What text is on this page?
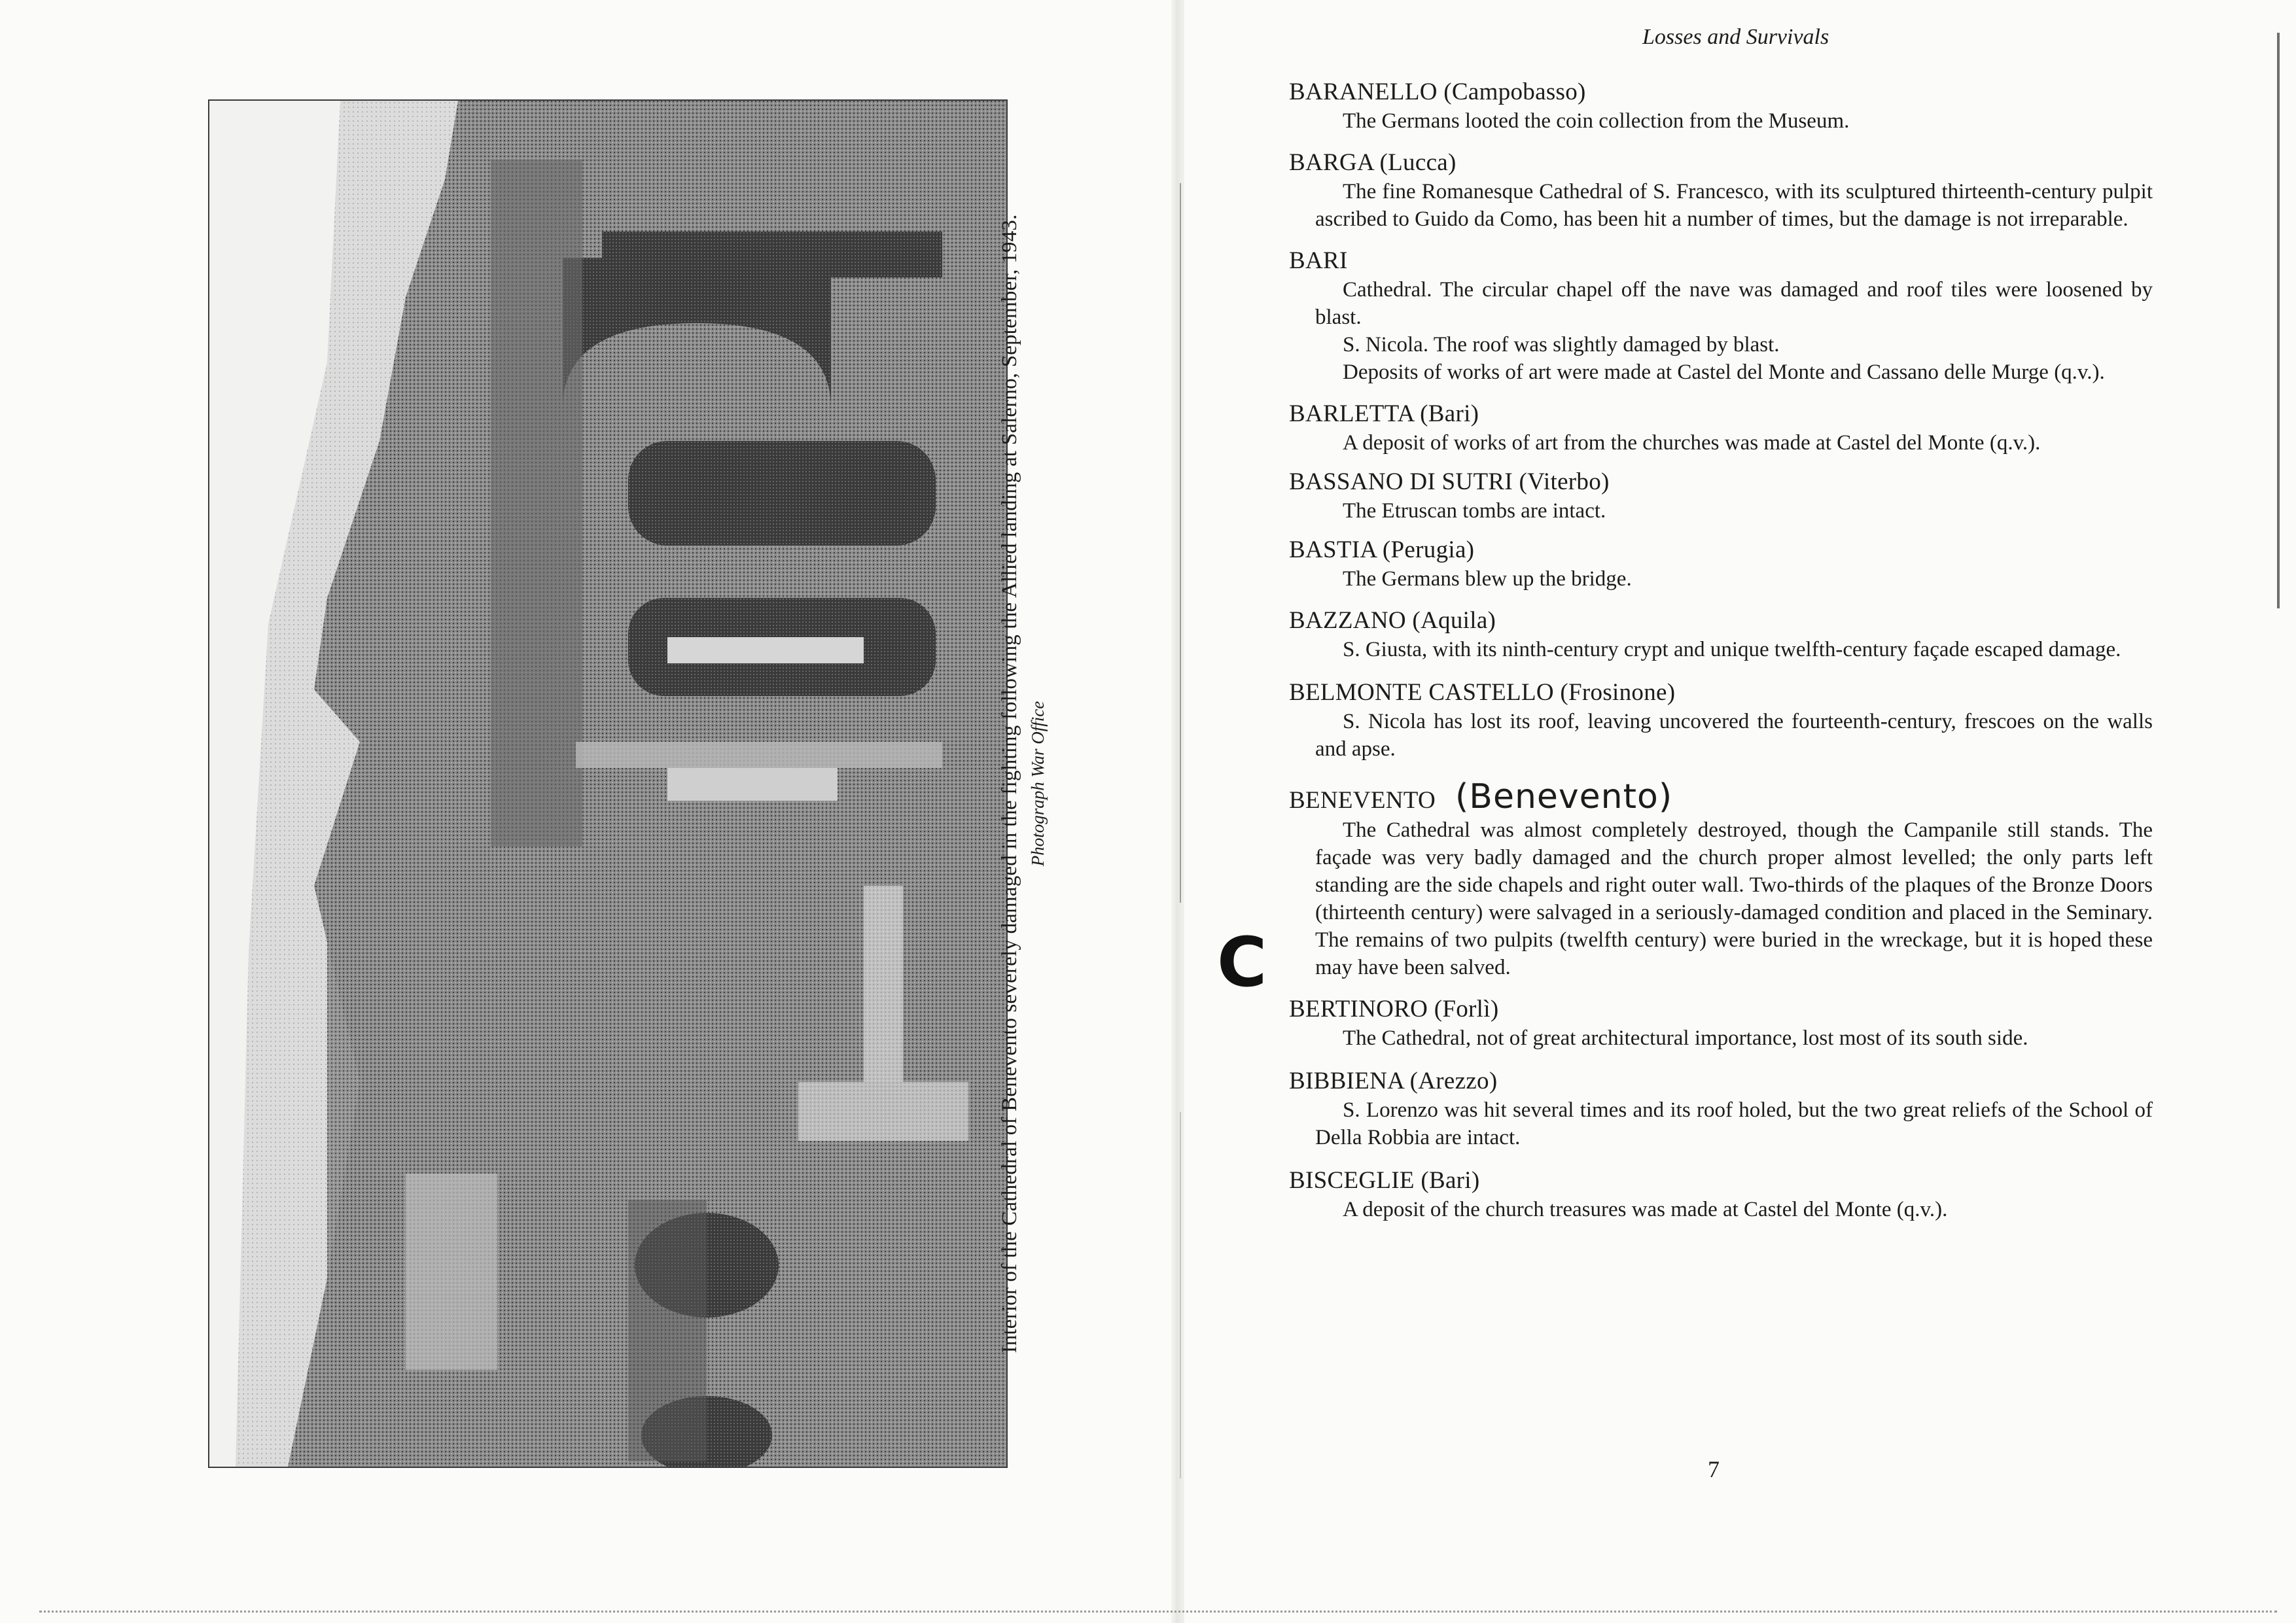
Interior of the Cathedral of Benevento severely damaged in the fighting following the Allied landing at Salerno, September, 1943. Photograph War Office
Losses and Survivals
BARANELLO (Campobasso)

The Germans looted the coin collection from the Museum.

BARGA (Lucca)

The fine Romanesque Cathedral of S. Francesco, with its sculptured thirteenth-century pulpit ascribed to Guido da Como, has been hit a number of times, but the damage is not irreparable.

BARI

Cathedral. The circular chapel off the nave was damaged and roof tiles were loosened by blast.

S. Nicola. The roof was slightly damaged by blast.

Deposits of works of art were made at Castel del Monte and Cassano delle Murge (q.v.).

BARLETTA (Bari)

A deposit of works of art from the churches was made at Castel del Monte (q.v.).

BASSANO DI SUTRI (Viterbo)

The Etruscan tombs are intact.

BASTIA (Perugia)

The Germans blew up the bridge.

BAZZANO (Aquila)

S. Giusta, with its ninth-century crypt and unique twelfth-century façade escaped damage.

BELMONTE CASTELLO (Frosinone)

S. Nicola has lost its roof, leaving uncovered the fourteenth-century, frescoes on the walls and apse.

BENEVENTO (Benevento)

The Cathedral was almost completely destroyed, though the Campanile still stands. The façade was very badly damaged and the church proper almost levelled; the only parts left standing are the side chapels and right outer wall. Two-thirds of the plaques of the Bronze Doors (thirteenth century) were salvaged in a seriously-damaged condition and placed in the Seminary. The remains of two pulpits (twelfth century) were buried in the wreckage, but it is hoped these may have been salved.

BERTINORO (Forlì)

The Cathedral, not of great architectural importance, lost most of its south side.

BIBBIENA (Arezzo)

S. Lorenzo was hit several times and its roof holed, but the two great reliefs of the School of Della Robbia are intact.

BISCEGLIE (Bari)

A deposit of the church treasures was made at Castel del Monte (q.v.).

7
C
